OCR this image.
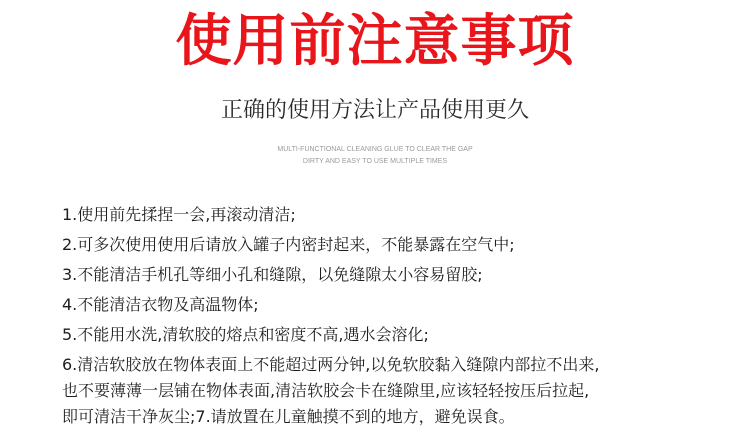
使用前注意事项
正确的使用方法让产品使用更久
MULTI-FUNCTIONAL CLEANING GLUE TO CLEAR THE GAP
DIRTY AND EASY TO USE MULTIPLE TIMES
1.使用前先揉捏一会,再滚动清洁;
2.可多次使用使用后请放入罐子内密封起来，不能暴露在空气中;
3.不能清洁手机孔等细小孔和缝隙，以免缝隙太小容易留胶;
4.不能清洁衣物及高温物体;
5.不能用水洗,清软胶的熔点和密度不高,遇水会溶化;
6.清洁软胶放在物体表面上不能超过两分钟,以免软胶黏入缝隙内部拉不出来,
也不要薄薄一层铺在物体表面,清洁软胶会卡在缝隙里,应该轻轻按压后拉起,
即可清洁干净灰尘;7.请放置在儿童触摸不到的地方，避免误食。
